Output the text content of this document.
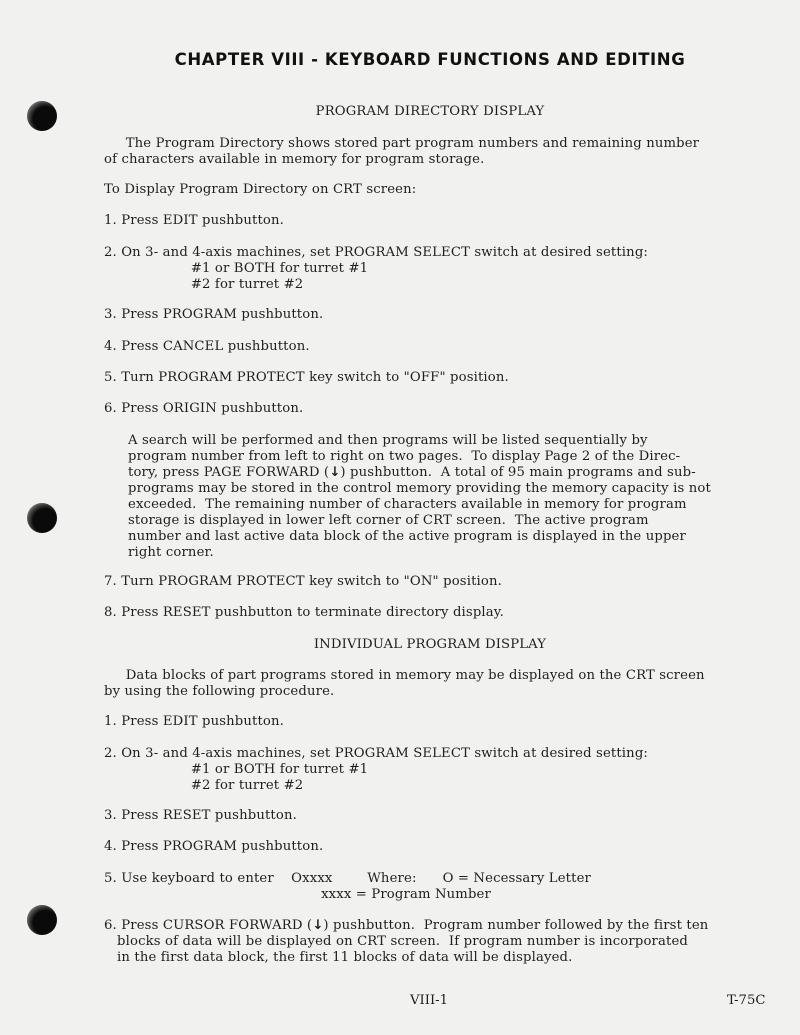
CHAPTER VIII - KEYBOARD FUNCTIONS AND EDITING
PROGRAM DIRECTORY DISPLAY
The Program Directory shows stored part program numbers and remaining number
of characters available in memory for program storage.
To Display Program Directory on CRT screen:
1. Press EDIT pushbutton.
2. On 3- and 4-axis machines, set PROGRAM SELECT switch at desired setting:
#1 or BOTH for turret #1
#2 for turret #2
3. Press PROGRAM pushbutton.
4. Press CANCEL pushbutton.
5. Turn PROGRAM PROTECT key switch to "OFF" position.
6. Press ORIGIN pushbutton.
A search will be performed and then programs will be listed sequentially by
program number from left to right on two pages.  To display Page 2 of the Direc-
tory, press PAGE FORWARD (↓) pushbutton.  A total of 95 main programs and sub-
programs may be stored in the control memory providing the memory capacity is not
exceeded.  The remaining number of characters available in memory for program
storage is displayed in lower left corner of CRT screen.  The active program
number and last active data block of the active program is displayed in the upper
right corner.
7. Turn PROGRAM PROTECT key switch to "ON" position.
8. Press RESET pushbutton to terminate directory display.
INDIVIDUAL PROGRAM DISPLAY
Data blocks of part programs stored in memory may be displayed on the CRT screen
by using the following procedure.
1. Press EDIT pushbutton.
2. On 3- and 4-axis machines, set PROGRAM SELECT switch at desired setting:
#1 or BOTH for turret #1
#2 for turret #2
3. Press RESET pushbutton.
4. Press PROGRAM pushbutton.
5. Use keyboard to enter    Oxxxx        Where:      O = Necessary Letter
xxxx = Program Number
6. Press CURSOR FORWARD (↓) pushbutton.  Program number followed by the first ten
blocks of data will be displayed on CRT screen.  If program number is incorporated
in the first data block, the first 11 blocks of data will be displayed.
VIII-1	T-75C
